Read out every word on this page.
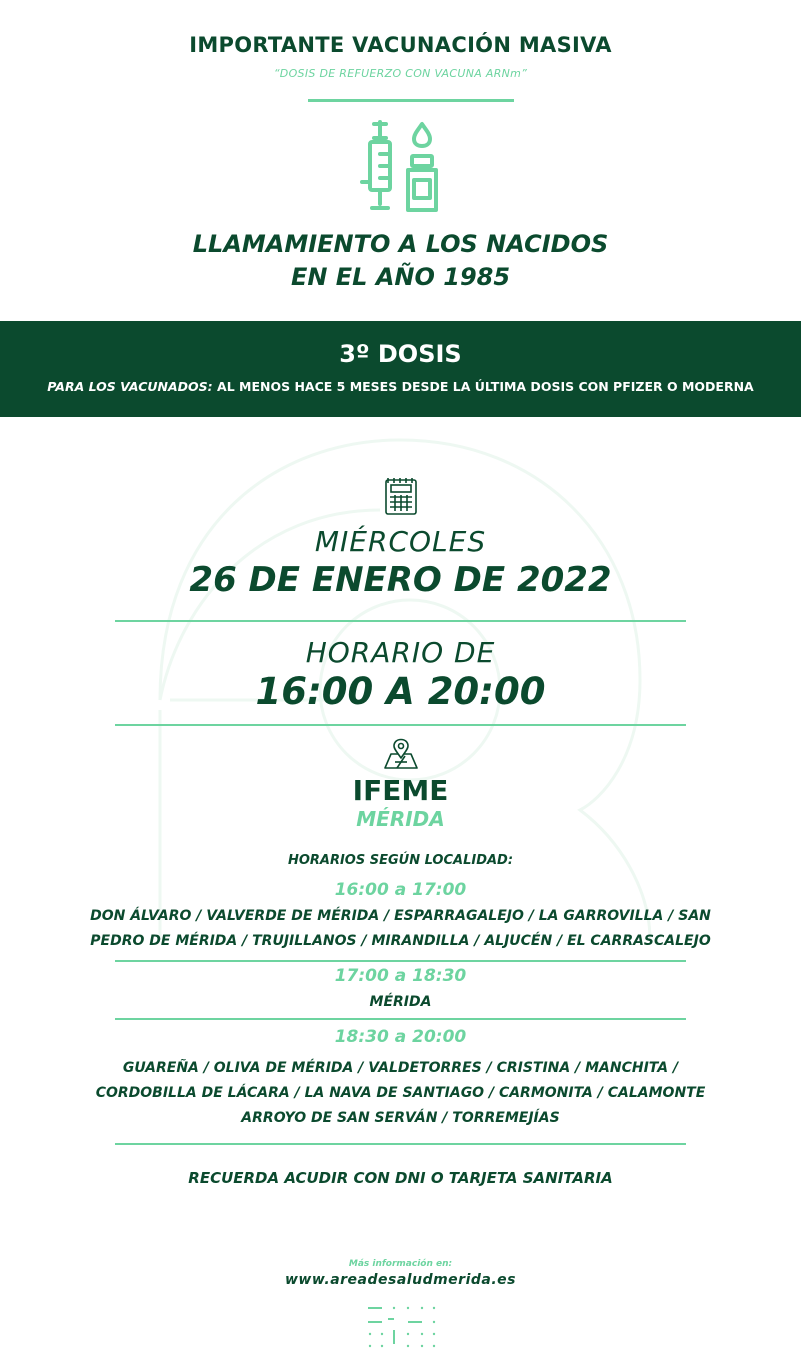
IMPORTANTE VACUNACIÓN MASIVA
“DOSIS DE REFUERZO CON VACUNA ARNm”
LLAMAMIENTO A LOS NACIDOS
EN EL AÑO 1985
3º DOSIS
PARA LOS VACUNADOS: AL MENOS HACE 5 MESES DESDE LA ÚLTIMA DOSIS CON PFIZER O MODERNA
MIÉRCOLES
26 DE ENERO DE 2022
HORARIO DE
16:00 A 20:00
IFEME
MÉRIDA
HORARIOS SEGÚN LOCALIDAD:
16:00 a 17:00
DON ÁLVARO / VALVERDE DE MÉRIDA / ESPARRAGALEJO / LA GARROVILLA / SAN
PEDRO DE MÉRIDA / TRUJILLANOS / MIRANDILLA / ALJUCÉN / EL CARRASCALEJO
17:00 a 18:30
MÉRIDA
18:30 a 20:00
GUAREÑA / OLIVA DE MÉRIDA / VALDETORRES / CRISTINA / MANCHITA /
CORDOBILLA DE LÁCARA / LA NAVA DE SANTIAGO / CARMONITA / CALAMONTE
ARROYO DE SAN SERVÁN / TORREMEJÍAS
RECUERDA ACUDIR CON DNI O TARJETA SANITARIA
Más información en:
www.areadesaludmerida.es
